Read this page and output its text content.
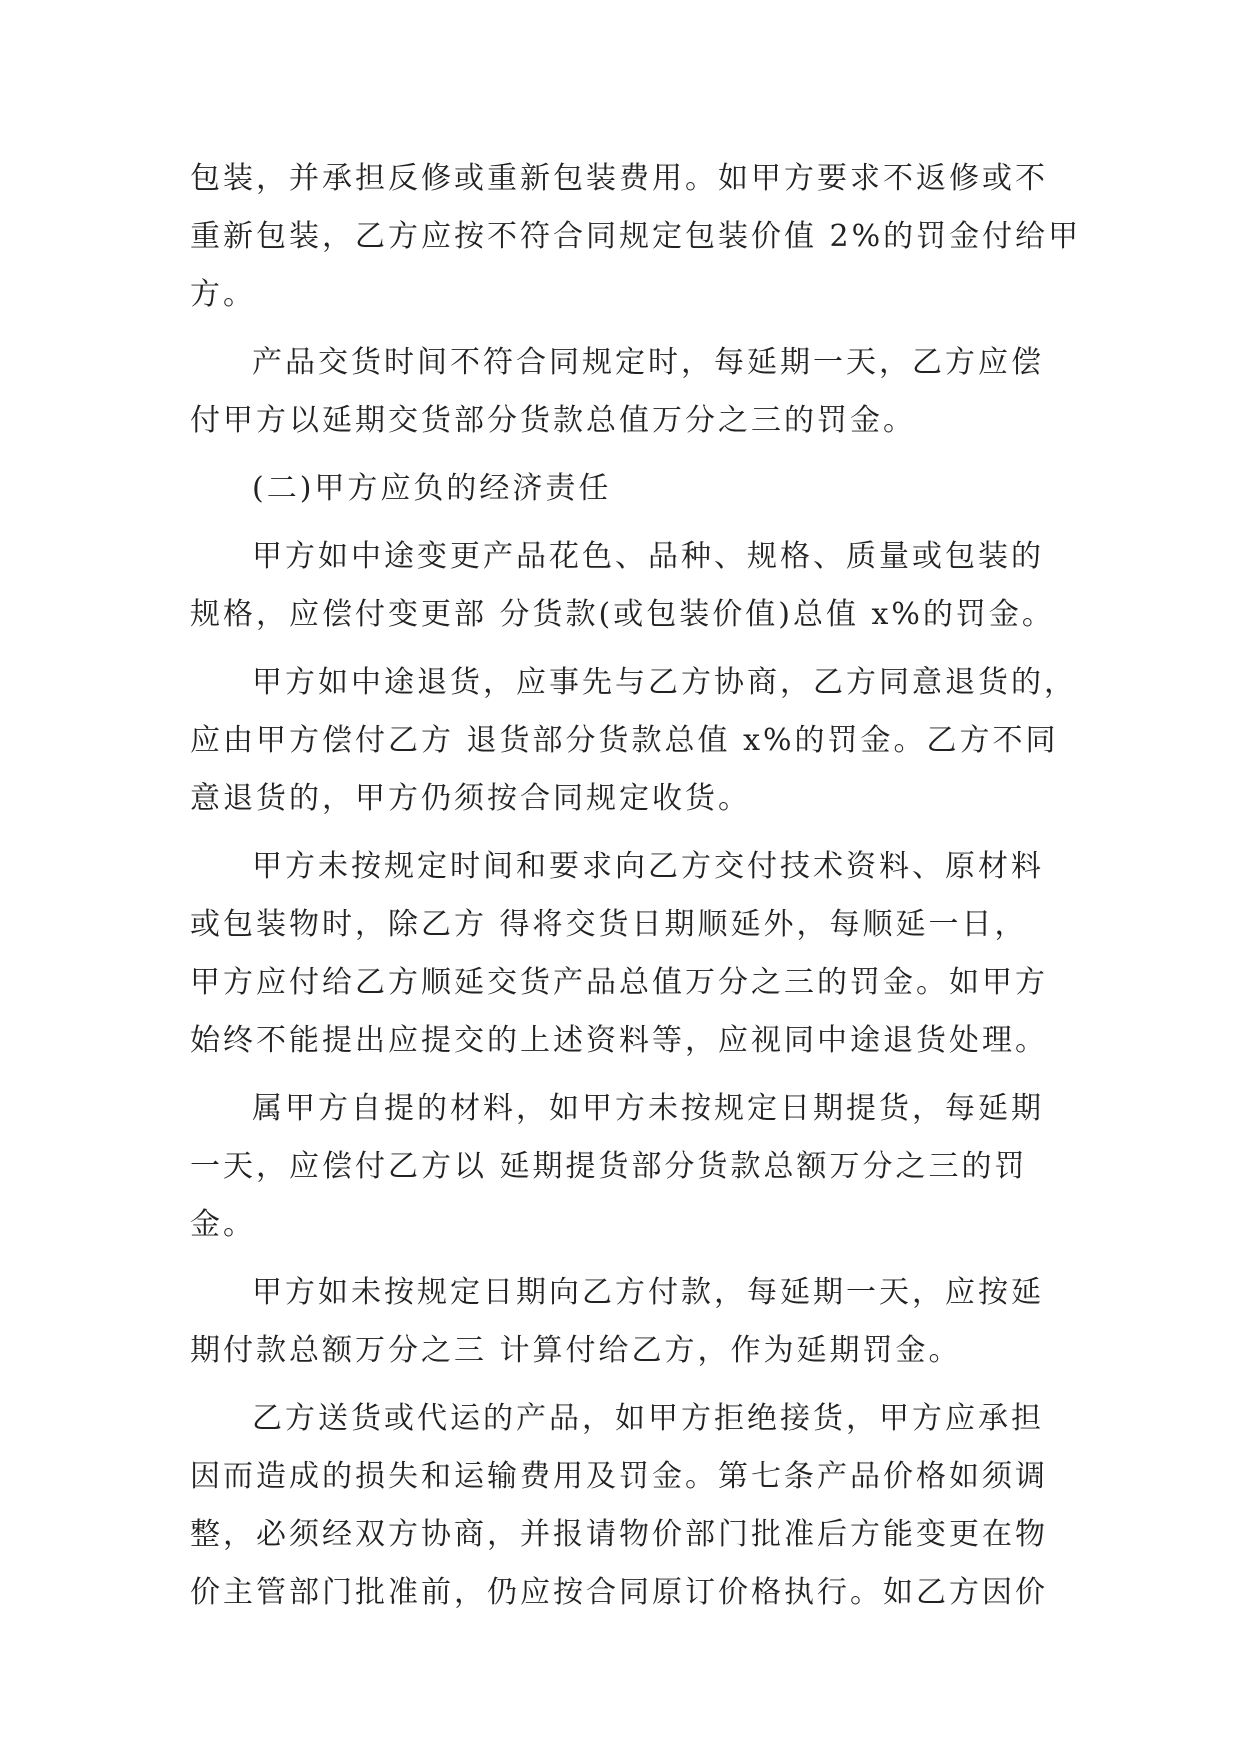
包装，并承担反修或重新包装费用。如甲方要求不返修或不
重新包装，乙方应按不符合同规定包装价值 2%的罚金付给甲
方。
产品交货时间不符合同规定时，每延期一天，乙方应偿
付甲方以延期交货部分货款总值万分之三的罚金。
(二)甲方应负的经济责任
甲方如中途变更产品花色、品种、规格、质量或包装的
规格，应偿付变更部 分货款(或包装价值)总值 x%的罚金。
甲方如中途退货，应事先与乙方协商，乙方同意退货的，
应由甲方偿付乙方 退货部分货款总值 x%的罚金。乙方不同
意退货的，甲方仍须按合同规定收货。
甲方未按规定时间和要求向乙方交付技术资料、原材料
或包装物时，除乙方 得将交货日期顺延外，每顺延一日，
甲方应付给乙方顺延交货产品总值万分之三的罚金。如甲方
始终不能提出应提交的上述资料等，应视同中途退货处理。
属甲方自提的材料，如甲方未按规定日期提货，每延期
一天，应偿付乙方以 延期提货部分货款总额万分之三的罚
金。
甲方如未按规定日期向乙方付款，每延期一天，应按延
期付款总额万分之三 计算付给乙方，作为延期罚金。
乙方送货或代运的产品，如甲方拒绝接货，甲方应承担
因而造成的损失和运输费用及罚金。第七条产品价格如须调
整，必须经双方协商，并报请物价部门批准后方能变更在物
价主管部门批准前，仍应按合同原订价格执行。如乙方因价
